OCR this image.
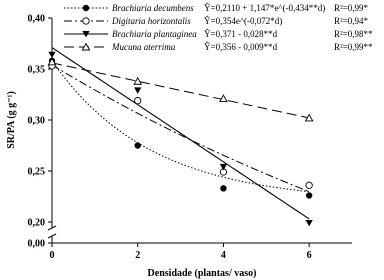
0,20
0,25
0,30
0,35
0,40
0,00
0	2	4	6
Brachiaria decumbens Ŷ=0,2110 + 1,147*e^(-0,434**d) R²=0,99*
Digitaria horizontalis Ŷ=0,354e^(-0,072*d)	R²=0,94*
Brachiaria plantaginea Ŷ=0,371 - 0,028**d	R²=0,98**
Mucuna aterrima	Ŷ=0,356 - 0,009**d	R²=0,99**
Densidade (plantas/ vaso)
SR/PA (g g⁻¹)
